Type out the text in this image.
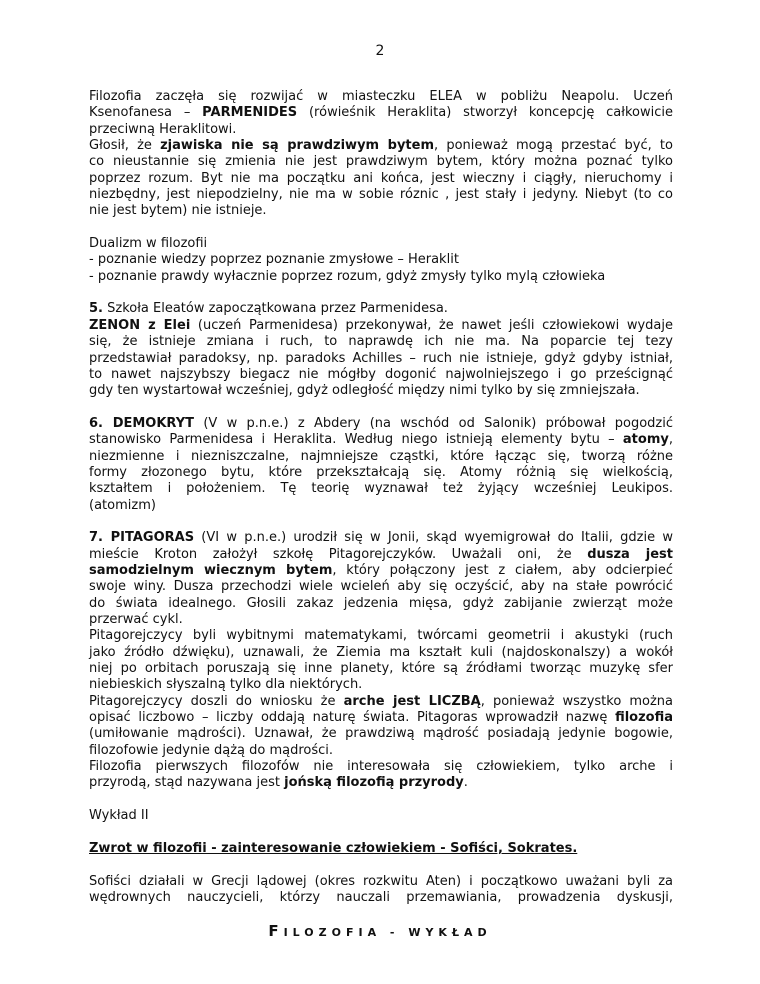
2
Filozofia zaczęła się rozwijać w miasteczku ELEA w pobliżu Neapolu. Uczeń
Ksenofanesa – PARMENIDES (rówieśnik Heraklita) stworzył koncepcję całkowicie
przeciwną Heraklitowi.
Głosił, że zjawiska nie są prawdziwym bytem, ponieważ mogą przestać być, to
co nieustannie się zmienia nie jest prawdziwym bytem, który można poznać tylko
poprzez rozum. Byt nie ma początku ani końca, jest wieczny i ciągły, nieruchomy i
niezbędny, jest niepodzielny, nie ma w sobie róznic , jest stały i jedyny. Niebyt (to co
nie jest bytem) nie istnieje.
Dualizm w filozofii
- poznanie wiedzy poprzez poznanie zmysłowe – Heraklit
- poznanie prawdy wyłacznie poprzez rozum, gdyż zmysły tylko mylą człowieka
5. Szkoła Eleatów zapoczątkowana przez Parmenidesa.
ZENON z Elei (uczeń Parmenidesa) przekonywał, że nawet jeśli człowiekowi wydaje
się, że istnieje zmiana i ruch, to naprawdę ich nie ma. Na poparcie tej tezy
przedstawiał paradoksy, np. paradoks Achilles – ruch nie istnieje, gdyż gdyby istniał,
to nawet najszybszy biegacz nie mógłby dogonić najwolniejszego i go prześcignąć
gdy ten wystartował wcześniej, gdyż odległość między nimi tylko by się zmniejszała.
6. DEMOKRYT (V w p.n.e.) z Abdery (na wschód od Salonik) próbował pogodzić
stanowisko Parmenidesa i Heraklita. Według niego istnieją elementy bytu – atomy,
niezmienne i niezniszczalne, najmniejsze cząstki, które łącząc się, tworzą różne
formy złozonego bytu, które przekształcają się. Atomy różnią się wielkością,
kształtem i położeniem. Tę teorię wyznawał też żyjący wcześniej Leukipos.
(atomizm)
7. PITAGORAS (VI w p.n.e.) urodził się w Jonii, skąd wyemigrował do Italii, gdzie w
mieście Kroton założył szkołę Pitagorejczyków. Uważali oni, że dusza jest
samodzielnym wiecznym bytem, który połączony jest z ciałem, aby odcierpieć
swoje winy. Dusza przechodzi wiele wcieleń aby się oczyścić, aby na stałe powrócić
do świata idealnego. Głosili zakaz jedzenia mięsa, gdyż zabijanie zwierząt może
przerwać cykl.
Pitagorejczycy byli wybitnymi matematykami, twórcami geometrii i akustyki (ruch
jako źródło dźwięku), uznawali, że Ziemia ma kształt kuli (najdoskonalszy) a wokół
niej po orbitach poruszają się inne planety, które są źródłami tworząc muzykę sfer
niebieskich słyszalną tylko dla niektórych.
Pitagorejczycy doszli do wniosku że arche jest LICZBĄ, ponieważ wszystko można
opisać liczbowo – liczby oddają naturę świata. Pitagoras wprowadził nazwę filozofia
(umiłowanie mądrości). Uznawał, że prawdziwą mądrość posiadają jedynie bogowie,
filozofowie jedynie dążą do mądrości.
Filozofia pierwszych filozofów nie interesowała się człowiekiem, tylko arche i
przyrodą, stąd nazywana jest jońską filozofią przyrody.
Wykład II
Zwrot w filozofii - zainteresowanie człowiekiem - Sofiści, Sokrates.
Sofiści działali w Grecji lądowej (okres rozkwitu Aten) i początkowo uważani byli za
wędrownych nauczycieli, którzy nauczali przemawiania, prowadzenia dyskusji,
FILOZOFIA - WYKŁAD
